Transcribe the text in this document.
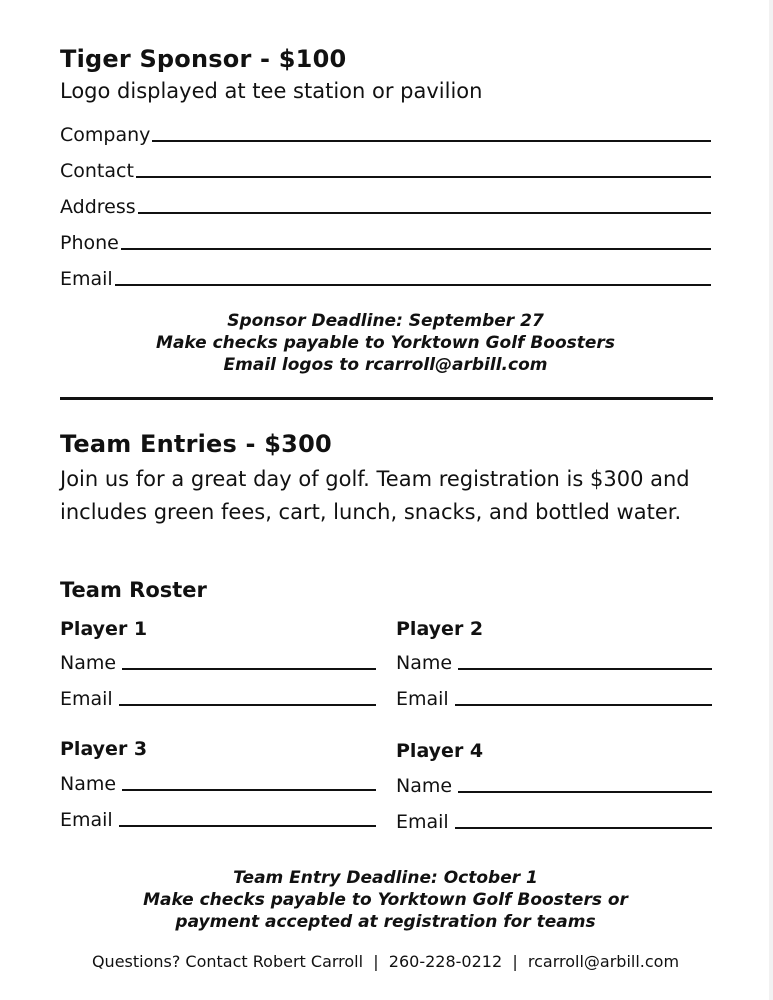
Tiger Sponsor - $100
Logo displayed at tee station or pavilion
Company
Contact
Address
Phone
Email
Sponsor Deadline: September 27
Make checks payable to Yorktown Golf Boosters
Email logos to rcarroll@arbill.com
Team Entries - $300
Join us for a great day of golf. Team registration is $300 and includes green fees, cart, lunch, snacks, and bottled water.
Team Roster
Player 1
Name
Email
Player 2
Name
Email
Player 3
Name
Email
Player 4
Name
Email
Team Entry Deadline: October 1
Make checks payable to Yorktown Golf Boosters or
payment accepted at registration for teams
Questions? Contact Robert Carroll  |  260-228-0212  |  rcarroll@arbill.com
